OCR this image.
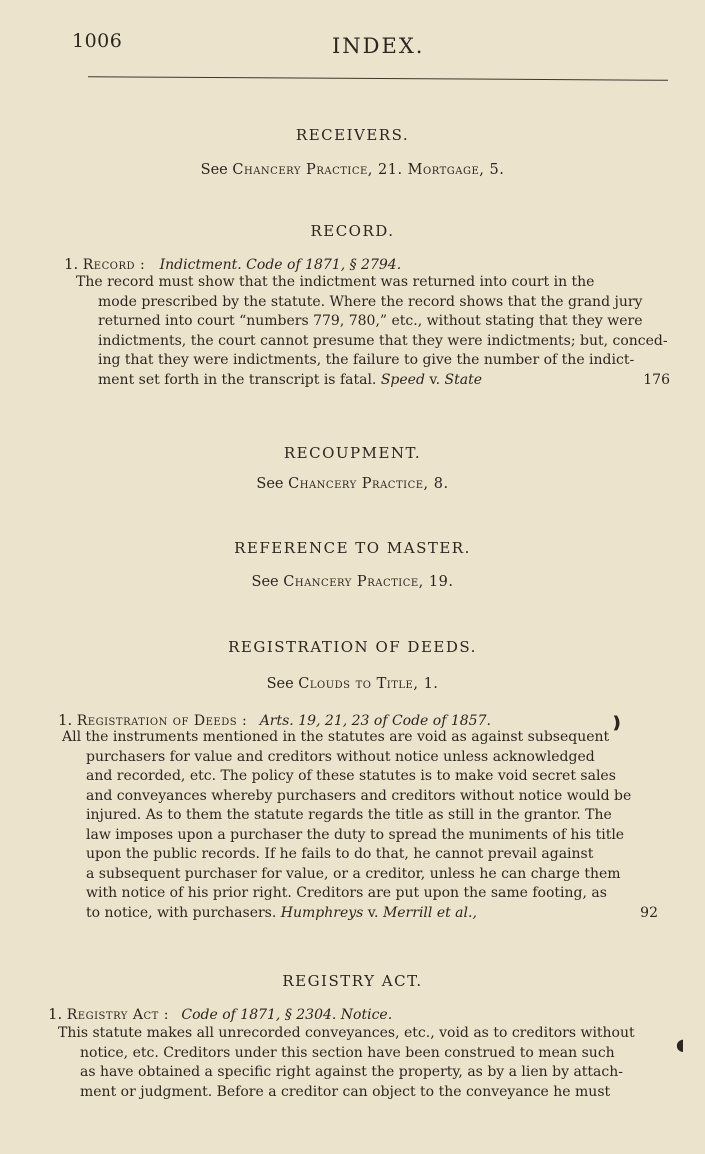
1006	INDEX.
RECEIVERS.
See Chancery Practice, 21. Mortgage, 5.
RECORD.
1. Record : Indictment. Code of 1871, § 2794.

The record must show that the indictment was returned into court in the

mode prescribed by the statute. Where the record shows that the grand jury

returned into court “numbers 779, 780,” etc., without stating that they were

indictments, the court cannot presume that they were indictments; but, conced-

ing that they were indictments, the failure to give the number of the indict-

ment set forth in the transcript is fatal. Speed v. State	176
RECOUPMENT.
See Chancery Practice, 8.
REFERENCE TO MASTER.
See Chancery Practice, 19.
REGISTRATION OF DEEDS.
See Clouds to Title, 1.
1. Registration of Deeds : Arts. 19, 21, 23 of Code of 1857.	❫

All the instruments mentioned in the statutes are void as against subsequent

purchasers for value and creditors without notice unless acknowledged

and recorded, etc. The policy of these statutes is to make void secret sales

and conveyances whereby purchasers and creditors without notice would be

injured. As to them the statute regards the title as still in the grantor. The

law imposes upon a purchaser the duty to spread the muniments of his title

upon the public records. If he fails to do that, he cannot prevail against

a subsequent purchaser for value, or a creditor, unless he can charge them

with notice of his prior right. Creditors are put upon the same footing, as

to notice, with purchasers. Humphreys v. Merrill et al.,	92
REGISTRY ACT.
1. Registry Act : Code of 1871, § 2304. Notice.
◖

This statute makes all unrecorded conveyances, etc., void as to creditors without

notice, etc. Creditors under this section have been construed to mean such

as have obtained a specific right against the property, as by a lien by attach-

ment or judgment. Before a creditor can object to the conveyance he must
